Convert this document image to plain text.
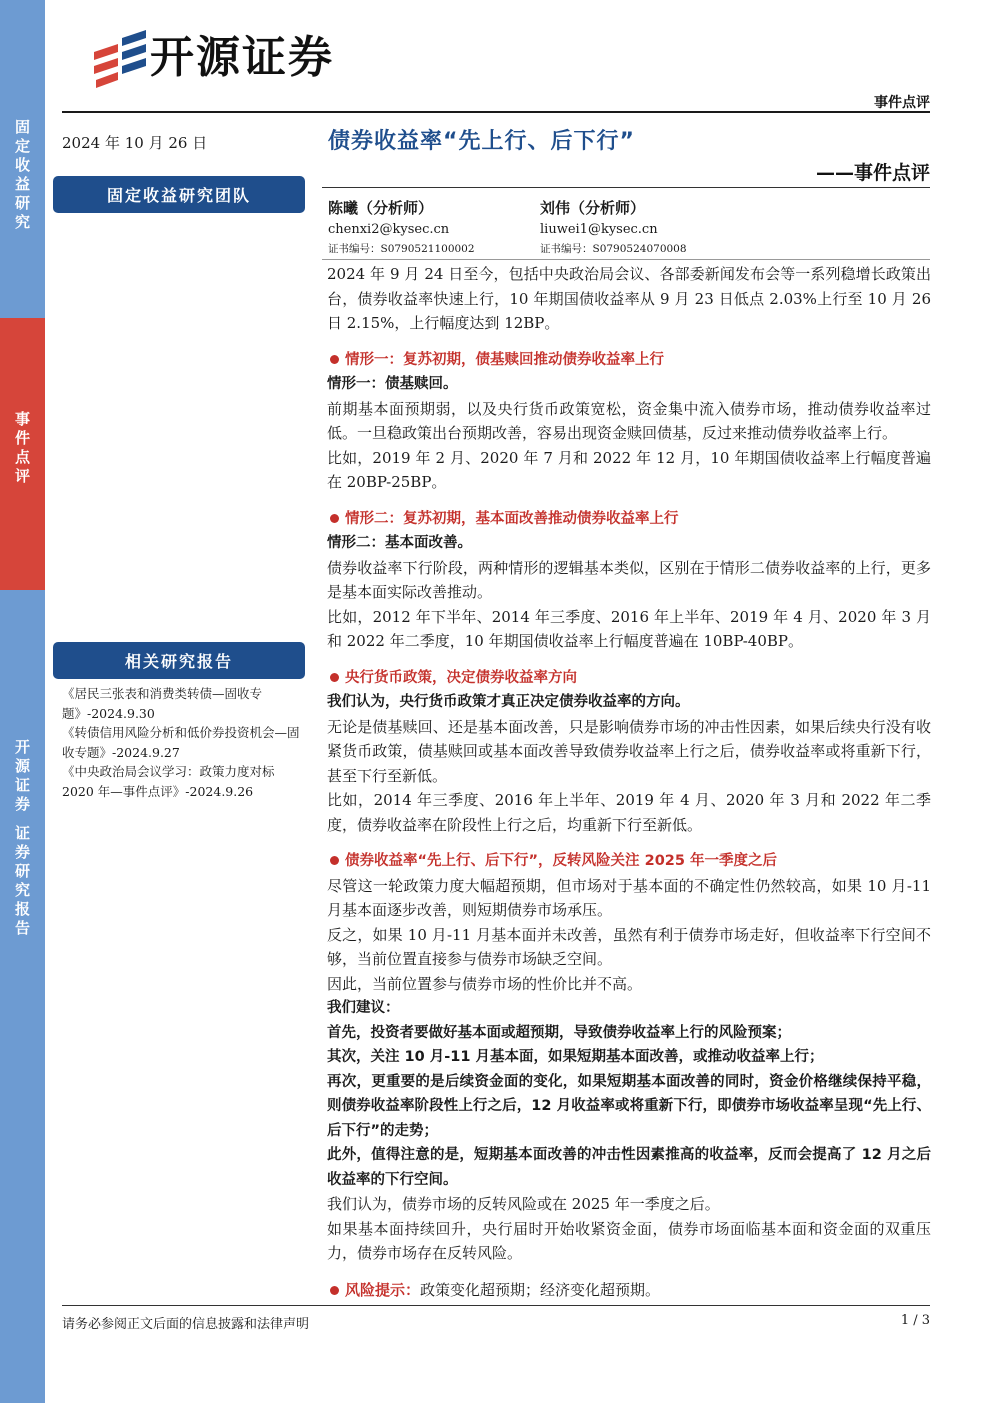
固
定
收
益
研
究
事
件
点
评
开
源
证
券
证
券
研
究
报
告
开源证券
事件点评
2024 年 10 月 26 日
固定收益研究团队
相关研究报告
《居民三张表和消费类转债—固收专题》-2024.9.30
《转债信用风险分析和低价券投资机会—固收专题》-2024.9.27
《中央政治局会议学习：政策力度对标 2020 年—事件点评》-2024.9.26
债券收益率“先上行、后下行”
——事件点评
陈曦（分析师）
chenxi2@kysec.cn
证书编号：S0790521100002
刘伟（分析师）
liuwei1@kysec.cn
证书编号：S0790524070008

2024 年 9 月 24 日至今，包括中央政治局会议、各部委新闻发布会等一系列稳增长政策出台，债券收益率快速上行，10 年期国债收益率从 9 月 23 日低点 2.03%上行至 10 月 26 日 2.15%，上行幅度达到 12BP。

情形一：复苏初期，债基赎回推动债券收益率上行

情形一：债基赎回。

前期基本面预期弱，以及央行货币政策宽松，资金集中流入债券市场，推动债券收益率过低。一旦稳政策出台预期改善，容易出现资金赎回债基，反过来推动债券收益率上行。

比如，2019 年 2 月、2020 年 7 月和 2022 年 12 月，10 年期国债收益率上行幅度普遍在 20BP-25BP。

情形二：复苏初期，基本面改善推动债券收益率上行

情形二：基本面改善。

债券收益率下行阶段，两种情形的逻辑基本类似，区别在于情形二债券收益率的上行，更多是基本面实际改善推动。

比如，2012 年下半年、2014 年三季度、2016 年上半年、2019 年 4 月、2020 年 3 月和 2022 年二季度，10 年期国债收益率上行幅度普遍在 10BP-40BP。

央行货币政策，决定债券收益率方向

我们认为，央行货币政策才真正决定债券收益率的方向。

无论是债基赎回、还是基本面改善，只是影响债券市场的冲击性因素，如果后续央行没有收紧货币政策，债基赎回或基本面改善导致债券收益率上行之后，债券收益率或将重新下行，甚至下行至新低。

比如，2014 年三季度、2016 年上半年、2019 年 4 月、2020 年 3 月和 2022 年二季度，债券收益率在阶段性上行之后，均重新下行至新低。

债券收益率“先上行、后下行”，反转风险关注 2025 年一季度之后

尽管这一轮政策力度大幅超预期，但市场对于基本面的不确定性仍然较高，如果 10 月-11 月基本面逐步改善，则短期债券市场承压。

反之，如果 10 月-11 月基本面并未改善，虽然有利于债券市场走好，但收益率下行空间不够，当前位置直接参与债券市场缺乏空间。

因此，当前位置参与债券市场的性价比并不高。

我们建议：

首先，投资者要做好基本面或超预期，导致债券收益率上行的风险预案；

其次，关注 10 月-11 月基本面，如果短期基本面改善，或推动收益率上行；

再次，更重要的是后续资金面的变化，如果短期基本面改善的同时，资金价格继续保持平稳，则债券收益率阶段性上行之后，12 月收益率或将重新下行，即债券市场收益率呈现“先上行、后下行”的走势；

此外，值得注意的是，短期基本面改善的冲击性因素推高的收益率，反而会提高了 12 月之后收益率的下行空间。

我们认为，债券市场的反转风险或在 2025 年一季度之后。

如果基本面持续回升，央行届时开始收紧资金面，债券市场面临基本面和资金面的双重压力，债券市场存在反转风险。

风险提示：政策变化超预期；经济变化超预期。

请务必参阅正文后面的信息披露和法律声明	1 / 3
